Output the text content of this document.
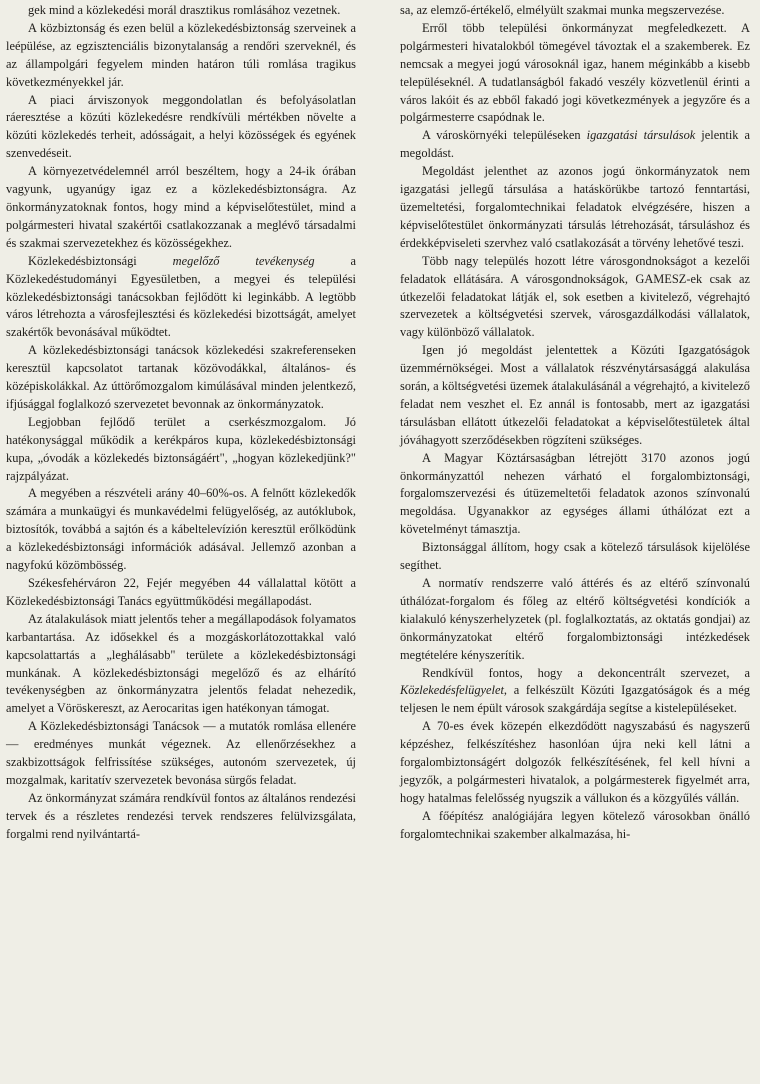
gek mind a közlekedési morál drasztikus romlásához vezetnek.

A közbiztonság és ezen belül a közlekedésbiztonság szerveinek a leépülése, az egzisztenciális bizonytalanság a rendőri szerveknél, és az állampolgári fegyelem minden határon túli romlása tragikus következményekkel jár.

A piaci árviszonyok meggondolatlan és befolyásolatlan ráeresztése a közúti közlekedésre rendkívüli mértékben növelte a közúti közlekedés terheit, adósságait, a helyi közösségek és egyének szenvedéseit.

A környezetvédelemnél arról beszéltem, hogy a 24-ik órában vagyunk, ugyanúgy igaz ez a közlekedésbiztonságra. Az önkormányzatoknak fontos, hogy mind a képviselőtestület, mind a polgármesteri hivatal szakértői csatlakozzanak a meglévő társadalmi és szakmai szervezetekhez és közösségekhez.

Közlekedésbiztonsági megelőző tevékenység a Közlekedéstudományi Egyesületben, a megyei és települési közlekedésbiztonsági tanácsokban fejlődött ki leginkább. A legtöbb város létrehozta a városfejlesztési és közlekedési bizottságát, amelyet szakértők bevonásával működtet.

A közlekedésbiztonsági tanácsok közlekedési szakreferenseken keresztül kapcsolatot tartanak közövodákkal, általános- és középiskolákkal. Az úttörőmozgalom kimúlásával minden jelentkező, ifjúsággal foglalkozó szervezetet bevonnak az önkormányzatok.

Legjobban fejlődő terület a cserkészmozgalom. Jó hatékonysággal működik a kerékpáros kupa, közlekedésbiztonsági kupa, „óvodák a közlekedés biztonságáért", „hogyan közlekedjünk?" rajzpályázat.

A megyében a részvételi arány 40–60%-os. A felnőtt közlekedők számára a munkaügyi és munkavédelmi felügyelőség, az autóklubok, biztosítók, továbbá a sajtón és a kábeltelevízión keresztül erőlködünk a közlekedésbiztonsági információk adásával. Jellemző azonban a nagyfokú közömbösség.

Székesfehérváron 22, Fejér megyében 44 vállalattal kötött a Közlekedésbiztonsági Tanács együttműködési megállapodást.

Az átalakulások miatt jelentős teher a megállapodások folyamatos karbantartása. Az idősekkel és a mozgáskorlátozottakkal való kapcsolattartás a „leghálásabb" területe a közlekedésbiztonsági munkának. A közlekedésbiztonsági megelőző és az elhárító tevékenységben az önkormányzatra jelentős feladat nehezedik, amelyet a Vöröskereszt, az Aerocaritas igen hatékonyan támogat.

A Közlekedésbiztonsági Tanácsok — a mutatók romlása ellenére — eredményes munkát végeznek. Az ellenőrzésekhez a szakbizottságok felfrissítése szükséges, autonóm szervezetek, új mozgalmak, karitatív szervezetek bevonása sürgős feladat.

Az önkormányzat számára rendkívül fontos az általános rendezési tervek és a részletes rendezési tervek rendszeres felülvizsgálata, forgalmi rend nyilvántartá-

sa, az elemző-értékelő, elmélyült szakmai munka megszervezése.

Erről több települési önkormányzat megfeledkezett. A polgármesteri hivatalokból tömegével távoztak el a szakemberek. Ez nemcsak a megyei jogú városoknál igaz, hanem méginkább a kisebb településeknél. A tudatlanságból fakadó veszély közvetlenül érinti a város lakóit és az ebből fakadó jogi következmények a jegyzőre és a polgármesterre csapódnak le.

A városkörnyéki településeken igazgatási társulások jelentik a megoldást.

Megoldást jelenthet az azonos jogú önkormányzatok nem igazgatási jellegű társulása a hatáskörükbe tartozó fenntartási, üzemeltetési, forgalomtechnikai feladatok elvégzésére, hiszen a képviselőtestület önkormányzati társulás létrehozását, társuláshoz és érdekképviseleti szervhez való csatlakozását a törvény lehetővé teszi.

Több nagy település hozott létre városgondnokságot a kezelői feladatok ellátására. A városgondnokságok, GAMESZ-ek csak az útkezelői feladatokat látják el, sok esetben a kivitelező, végrehajtó szervezetek a költségvetési szervek, városgazdálkodási vállalatok, vagy különböző vállalatok.

Igen jó megoldást jelentettek a Közúti Igazgatóságok üzemmérnökségei. Most a vállalatok részvénytársasággá alakulása során, a költségvetési üzemek átalakulásánál a végrehajtó, a kivitelező feladat nem veszhet el. Ez annál is fontosabb, mert az igazgatási társulásban ellátott útkezelői feladatokat a képviselőtestületek által jóváhagyott szerződésekben rögzíteni szükséges.

A Magyar Köztársaságban létrejött 3170 azonos jogú önkormányzattól nehezen várható el forgalombiztonsági, forgalomszervezési és útüzemeltetői feladatok azonos színvonalú megoldása. Ugyanakkor az egységes állami úthálózat ezt a követelményt támasztja.

Biztonsággal állítom, hogy csak a kötelező társulások kijelölése segíthet.

A normatív rendszerre való áttérés és az eltérő színvonalú úthálózat-forgalom és főleg az eltérő költségvetési kondíciók a kialakuló kényszerhelyzetek (pl. foglalkoztatás, az oktatás gondjai) az önkormányzatokat eltérő forgalombiztonsági intézkedések megtételére kényszerítik.

Rendkívül fontos, hogy a dekoncentrált szervezet, a Közlekedésfelügyelet, a felkészült Közúti Igazgatóságok és a még teljesen le nem épült városok szakgárdája segítse a kistelepüléseket.

A 70-es évek közepén elkezdődött nagyszabású és nagyszerű képzéshez, felkészítéshez hasonlóan újra neki kell látni a forgalombiztonságért dolgozók felkészítésének, fel kell hívni a jegyzők, a polgármesteri hivatalok, a polgármesterek figyelmét arra, hogy hatalmas felelősség nyugszik a vállukon és a közgyűlés vállán.

A főépítész analógiájára legyen kötelező városokban önálló forgalomtechnikai szakember alkalmazása, hi-
